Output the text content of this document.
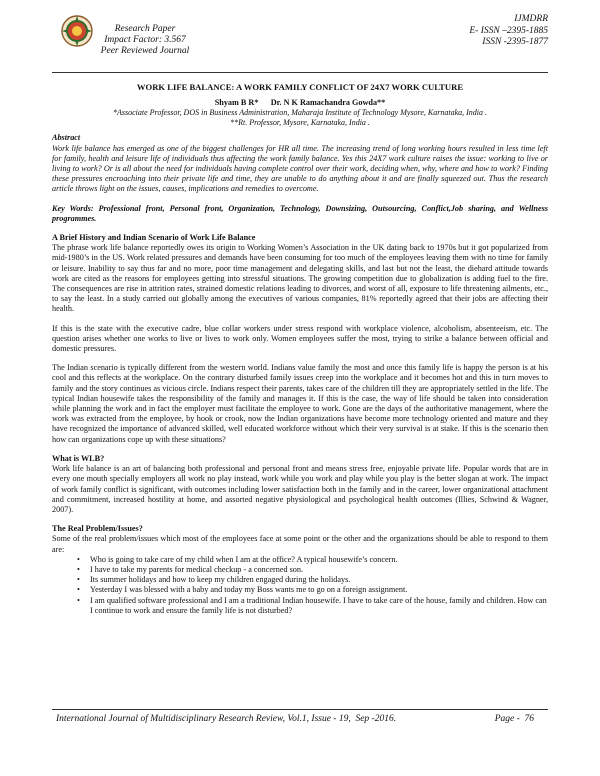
Research Paper
Impact Factor: 3.567
Peer Reviewed Journal
IJMDRR
E- ISSN –2395-1885
ISSN -2395-1877
WORK LIFE BALANCE: A WORK FAMILY CONFLICT OF 24X7 WORK CULTURE
Shyam B R*      Dr. N K Ramachandra Gowda**
*Associate Professor, DOS in Business Administration, Maharaja Institute of Technology Mysore, Karnataka, India .
**Rt. Professor, Mysore, Karnataka, India .
Abstract

Work life balance has emerged as one of the biggest challenges for HR all time. The increasing trend of long working hours resulted in less time left for family, health and leisure life of individuals thus affecting the work family balance. Yes this 24X7 work culture raises the issue: working to live or living to work? Or is all about the need for individuals having complete control over their work, deciding when, why, where and how to work? Finding these pressures encroaching into their private life and time, they are unable to do anything about it and are finally squeezed out. Thus the research article throws light on the issues, causes, implications and remedies to overcome.

Key Words: Professional front, Personal front, Organization, Technology, Downsizing, Outsourcing, Conflict,Job sharing, and Wellness programmes.

A Brief History and Indian Scenario of Work Life Balance

The phrase work life balance reportedly owes its origin to Working Women’s Association in the UK dating back to 1970s but it got popularized from mid-1980’s in the US. Work related pressures and demands have been consuming for too much of the employees leaving them with no time for family or leisure. Inability to say thus far and no more, poor time management and delegating skills, and last but not the least, the diehard attitude towards work are cited as the reasons for employees getting into stressful situations. The growing competition due to globalization is adding fuel to the fire. The consequences are rise in attrition rates, strained domestic relations leading to divorces, and worst of all, exposure to life threatening ailments, etc., to say the least. In a study carried out globally among the executives of various companies, 81% reportedly agreed that their jobs are affecting their health.

If this is the state with the executive cadre, blue collar workers under stress respond with workplace violence, alcoholism, absenteeism, etc. The question arises whether one works to live or lives to work only. Women employees suffer the most, trying to strike a balance between official and domestic pressures.

The Indian scenario is typically different from the western world. Indians value family the most and once this family life is happy the person is at his cool and this reflects at the workplace. On the contrary disturbed family issues creep into the workplace and it becomes hot and this in turn moves to family and the story continues as vicious circle. Indians respect their parents, takes care of the children till they are appropriately settled in the life. The typical Indian housewife takes the responsibility of the family and manages it. If this is the case, the way of life should be taken into consideration while planning the work and in fact the employer must facilitate the employee to work. Gone are the days of the authoritative management, where the work was extracted from the employee, by hook or crook, now the Indian organizations have become more technology oriented and mature and they have recognized the importance of advanced skilled, well educated workforce without which their very survival is at stake. If this is the scenario then how can organizations cope up with these situations?

What is WLB?

Work life balance is an art of balancing both professional and personal front and means stress free, enjoyable private life. Popular words that are in every one mouth specially employers all work no play instead, work while you work and play while you play is the better slogan at work. The impact of work family conflict is significant, with outcomes including lower satisfaction both in the family and in the career, lower organizational attachment and commitment, increased hostility at home, and assorted negative physiological and psychological health outcomes (Illies, Schwind & Wagner, 2007).

The Real Problem/Issues?

Some of the real problem/issues which most of the employees face at some point or the other and the organizations should be able to respond to them are:

• Who is going to take care of my child when I am at the office? A typical housewife’s concern.
• I have to take my parents for medical checkup - a concerned son.
• Its summer holidays and how to keep my children engaged during the holidays.
• Yesterday I was blessed with a baby and today my Boss wants me to go on a foreign assignment.
• I am qualified software professional and I am a traditional Indian housewife. I have to take care of the house, family and children. How can I continue to work and ensure the family life is not disturbed?
International Journal of Multidisciplinary Research Review, Vol.1, Issue - 19,  Sep -2016.	Page -  76
